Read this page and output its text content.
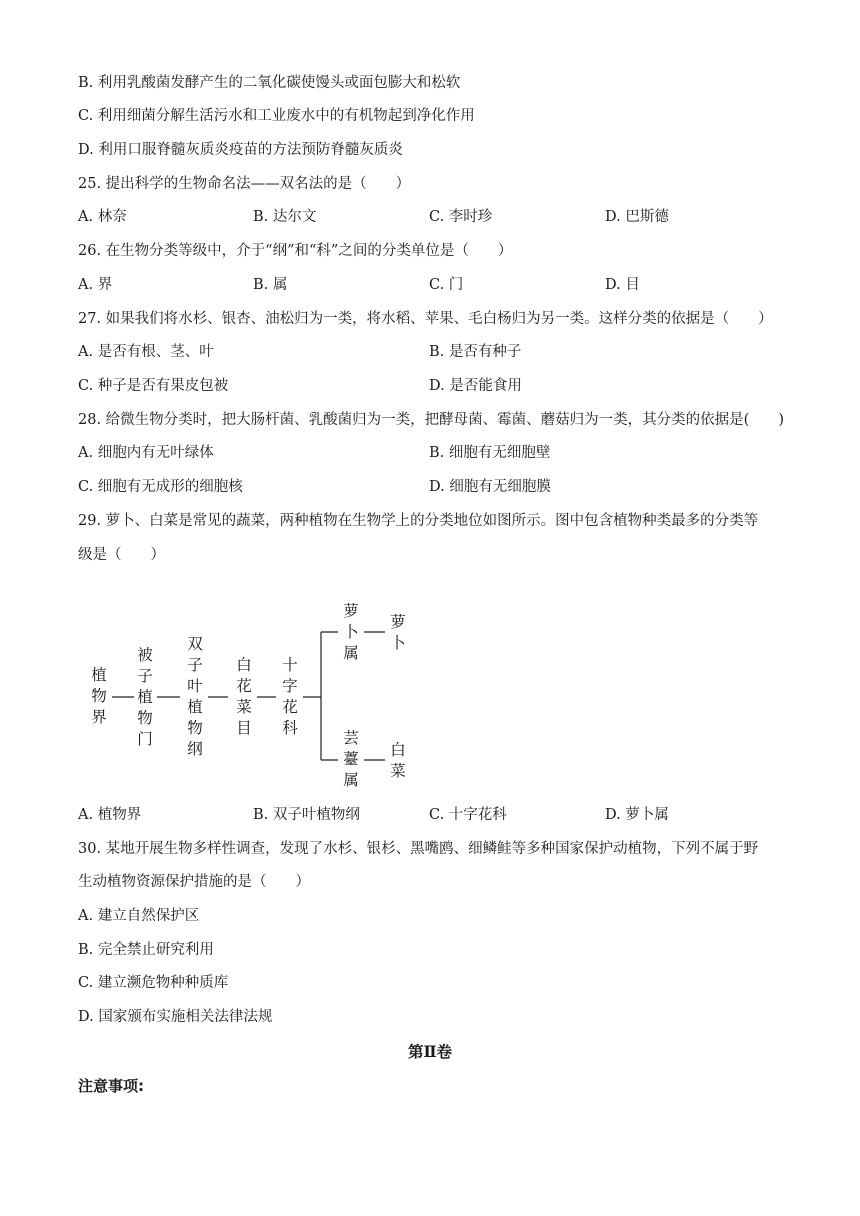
B. 利用乳酸菌发酵产生的二氧化碳使馒头或面包膨大和松软
C. 利用细菌分解生活污水和工业废水中的有机物起到净化作用
D. 利用口服脊髓灰质炎疫苗的方法预防脊髓灰质炎
25. 提出科学的生物命名法——双名法的是（　　）
A. 林奈	B. 达尔文	C. 李时珍	D. 巴斯德
26. 在生物分类等级中，介于“纲”和“科”之间的分类单位是（　　）
A. 界	B. 属	C. 门	D. 目
27. 如果我们将水杉、银杏、油松归为一类，将水稻、苹果、毛白杨归为另一类。这样分类的依据是（　　）
A. 是否有根、茎、叶	B. 是否有种子
C. 种子是否有果皮包被	D. 是否能食用
28. 给微生物分类时，把大肠杆菌、乳酸菌归为一类，把酵母菌、霉菌、蘑菇归为一类，其分类的依据是(　　)
A. 细胞内有无叶绿体	B. 细胞有无细胞壁
C. 细胞有无成形的细胞核	D. 细胞有无细胞膜
29. 萝卜、白菜是常见的蔬菜，两种植物在生物学上的分类地位如图所示。图中包含植物种类最多的分类等
级是（　　）
植
物
界
被
子
植
物
门
双
子
叶
植
物
纲
白
花
菜
目
十
字
花
科
萝
卜
属
芸
薹
属
萝
卜
白
菜
A. 植物界	B. 双子叶植物纲	C. 十字花科	D. 萝卜属
30. 某地开展生物多样性调查，发现了水杉、银杉、黑嘴鸥、细鳞鲑等多种国家保护动植物，下列不属于野
生动植物资源保护措施的是（　　）
A. 建立自然保护区
B. 完全禁止研究利用
C. 建立濒危物种种质库
D. 国家颁布实施相关法律法规
第Ⅱ卷
注意事项:
